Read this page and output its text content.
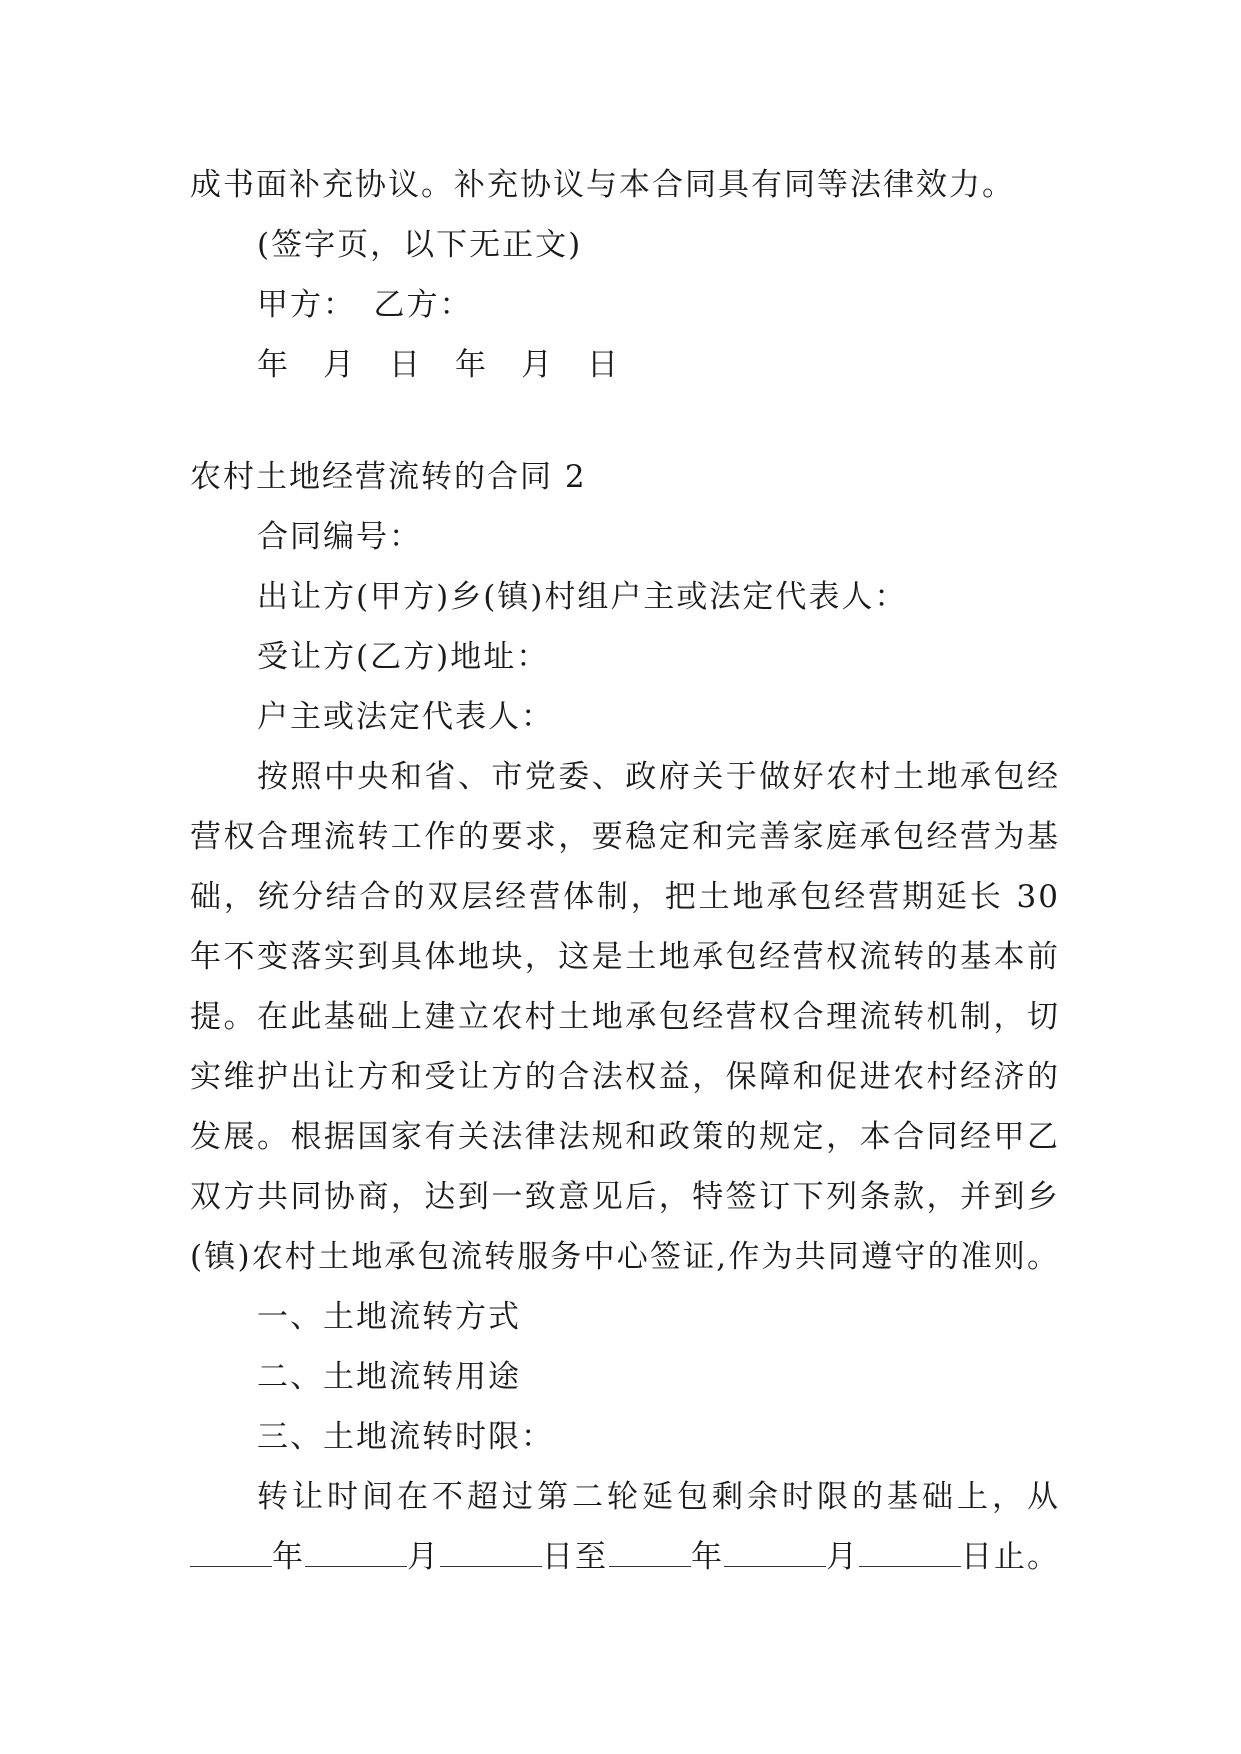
成书面补充协议。补充协议与本合同具有同等法律效力。
(签字页，以下无正文)
甲方：　乙方：
年　月　日　年　月　日
农村土地经营流转的合同 2
合同编号：
出让方(甲方)乡(镇)村组户主或法定代表人：
受让方(乙方)地址：
户主或法定代表人：
按照中央和省、市党委、政府关于做好农村土地承包经
营权合理流转工作的要求，要稳定和完善家庭承包经营为基
础，统分结合的双层经营体制，把土地承包经营期延长 30
年不变落实到具体地块，这是土地承包经营权流转的基本前
提。在此基础上建立农村土地承包经营权合理流转机制，切
实维护出让方和受让方的合法权益，保障和促进农村经济的
发展。根据国家有关法律法规和政策的规定，本合同经甲乙
双方共同协商，达到一致意见后，特签订下列条款，并到乡
(镇)农村土地承包流转服务中心签证,作为共同遵守的准则。
一、土地流转方式
二、土地流转用途
三、土地流转时限：
转让时间在不超过第二轮延包剩余时限的基础上，从
年	月	日至	年	月	日止。
